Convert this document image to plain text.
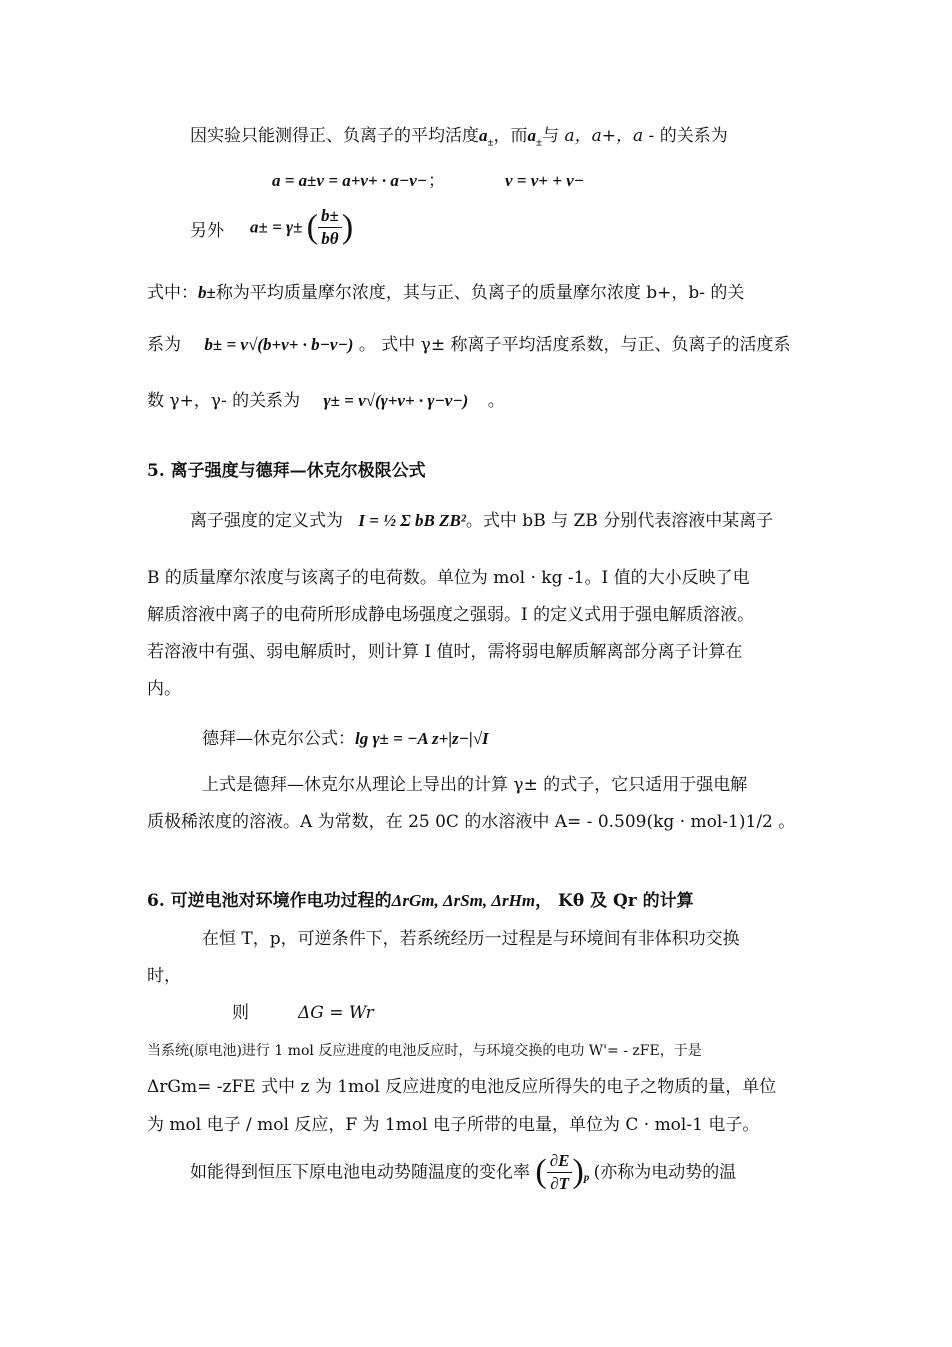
因实验只能测得正、负离子的平均活度$a_\pm$，而$a_\pm$与 a，a+，a - 的关系为
a = a±ν = a+ν+ · a−ν− ；	ν = ν+ + ν−
另外 a± = γ± ( $\frac{b\pm}{b\theta}$ )
式中：b±称为平均质量摩尔浓度，其与正、负离子的质量摩尔浓度 b+，b- 的关
系为 b± = ν√(b+ν+ · b−ν−) 。 式中 γ± 称离子平均活度系数，与正、负离子的活度系
数 γ+，γ- 的关系为 γ± = ν√(γ+ν+ · γ−ν−) 。
5. 离子强度与德拜—休克尔极限公式
离子强度的定义式为 I = ½ Σ bB ZB²。式中 bB 与 ZB 分别代表溶液中某离子
B 的质量摩尔浓度与该离子的电荷数。单位为 mol · kg -1。I 值的大小反映了电
解质溶液中离子的电荷所形成静电场强度之强弱。I 的定义式用于强电解质溶液。
若溶液中有强、弱电解质时，则计算 I 值时，需将弱电解质解离部分离子计算在
内。
德拜—休克尔公式：lg γ± = −A z+|z−|√I
上式是德拜—休克尔从理论上导出的计算 γ± 的式子，它只适用于强电解
质极稀浓度的溶液。A 为常数，在 25 0C 的水溶液中 A= - 0.509(kg · mol-1)1/2 。
6. 可逆电池对环境作电功过程的ΔrGm, ΔrSm, ΔrHm， Kθ 及 Qr 的计算
在恒 T，p，可逆条件下，若系统经历一过程是与环境间有非体积功交换
时，
则	ΔG = Wr
当系统(原电池)进行 1 mol 反应进度的电池反应时，与环境交换的电功 W'= - zFE，于是
ΔrGm= -zFE 式中 z 为 1mol 反应进度的电池反应所得失的电子之物质的量，单位
为 mol 电子 / mol 反应，F 为 1mol 电子所带的电量，单位为 C · mol-1 电子。
如能得到恒压下原电池电动势随温度的变化率 ( $\frac{\partial E}{\partial T} )_p$ (亦称为电动势的温
